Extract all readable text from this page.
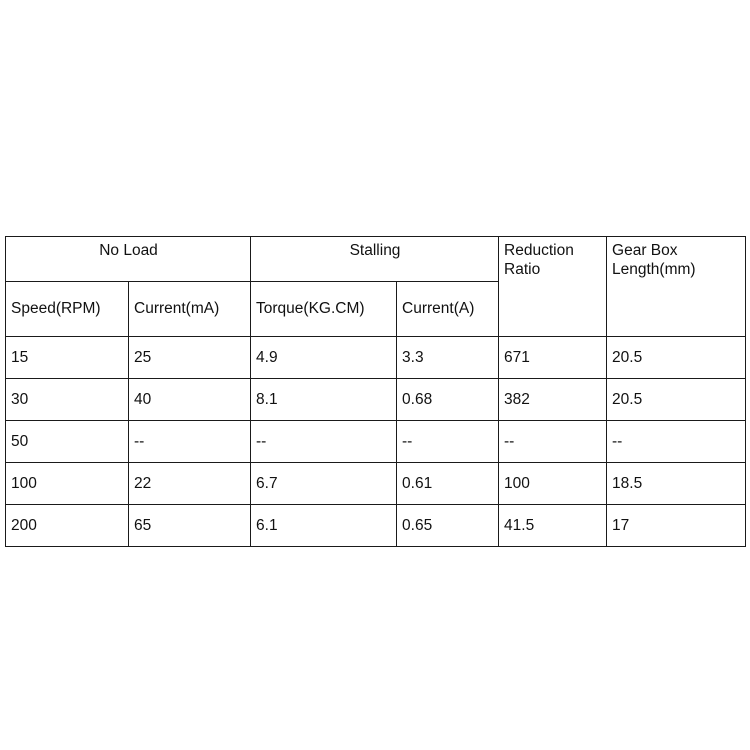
No Load		Stalling		Reduction Ratio	Gear Box Length(mm)
Speed(RPM)	Current(mA)	Torque(KG.CM)	Current(A)		
15	25	4.9	3.3	671	20.5
30	40	8.1	0.68	382	20.5
50	--	--	--	--	--
100	22	6.7	0.61	100	18.5
200	65	6.1	0.65	41.5	17
